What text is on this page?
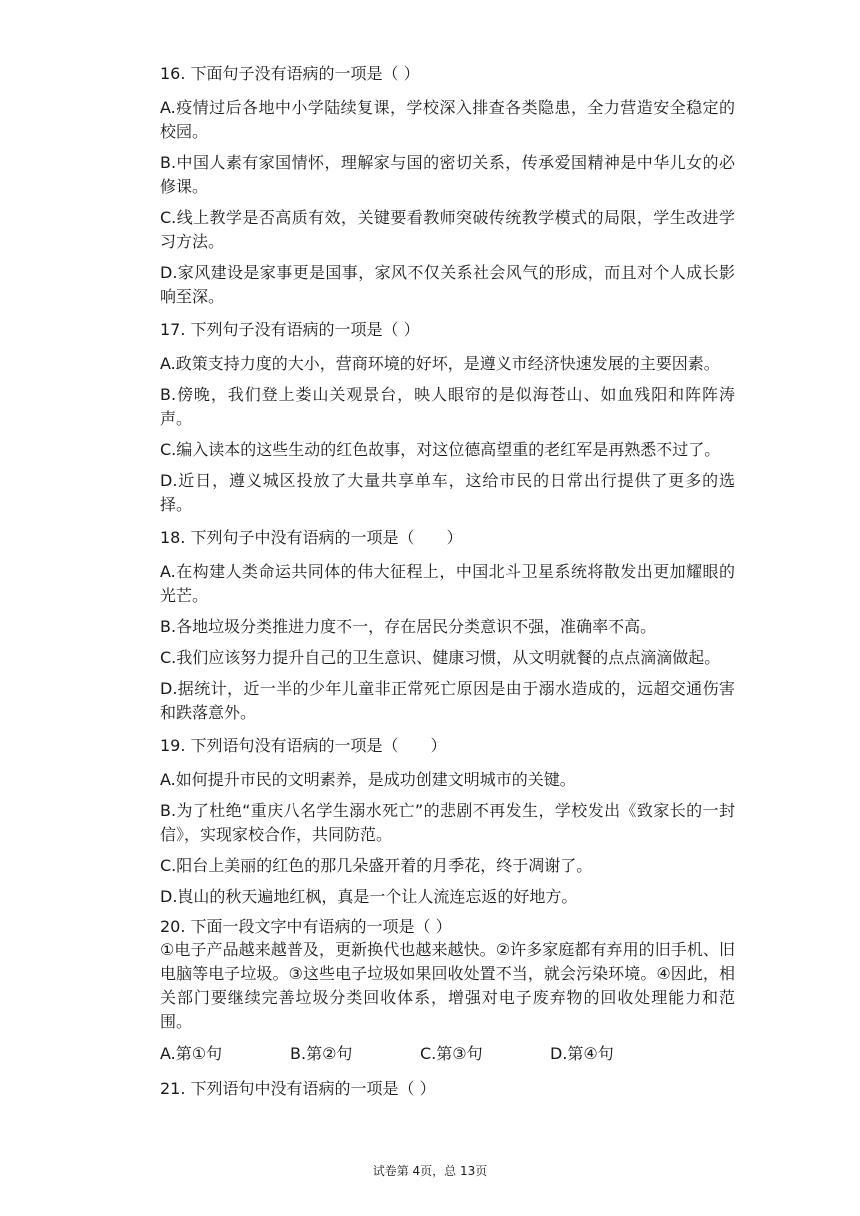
16. 下面句子没有语病的一项是（ ）

A.疫情过后各地中小学陆续复课，学校深入排查各类隐患，全力营造安全稳定的校园。

B.中国人素有家国情怀，理解家与国的密切关系，传承爱国精神是中华儿女的必修课。

C.线上教学是否高质有效，关键要看教师突破传统教学模式的局限，学生改进学习方法。

D.家风建设是家事更是国事，家风不仅关系社会风气的形成，而且对个人成长影响至深。

17. 下列句子没有语病的一项是（ ）

A.政策支持力度的大小，营商环境的好坏，是遵义市经济快速发展的主要因素。

B.傍晚，我们登上娄山关观景台，映人眼帘的是似海苍山、如血残阳和阵阵涛声。

C.编入读本的这些生动的红色故事，对这位德高望重的老红军是再熟悉不过了。

D.近日，遵义城区投放了大量共享单车，这给市民的日常出行提供了更多的选择。

18. 下列句子中没有语病的一项是（　　）

A.在构建人类命运共同体的伟大征程上，中国北斗卫星系统将散发出更加耀眼的光芒。

B.各地垃圾分类推进力度不一，存在居民分类意识不强，准确率不高。

C.我们应该努力提升自己的卫生意识、健康习惯，从文明就餐的点点滴滴做起。

D.据统计，近一半的少年儿童非正常死亡原因是由于溺水造成的，远超交通伤害和跌落意外。

19. 下列语句没有语病的一项是（　　）

A.如何提升市民的文明素养，是成功创建文明城市的关键。

B.为了杜绝“重庆八名学生溺水死亡”的悲剧不再发生，学校发出《致家长的一封信》，实现家校合作，共同防范。

C.阳台上美丽的红色的那几朵盛开着的月季花，终于凋谢了。

D.崀山的秋天遍地红枫，真是一个让人流连忘返的好地方。

20. 下面一段文字中有语病的一项是（ ）

①电子产品越来越普及，更新换代也越来越快。②许多家庭都有弃用的旧手机、旧电脑等电子垃圾。③这些电子垃圾如果回收处置不当，就会污染环境。④因此，相关部门要继续完善垃圾分类回收体系，增强对电子废弃物的回收处理能力和范围。

A.第①句	B.第②句	C.第③句	D.第④句

21. 下列语句中没有语病的一项是（ ）

试卷第 4页，总 13页
